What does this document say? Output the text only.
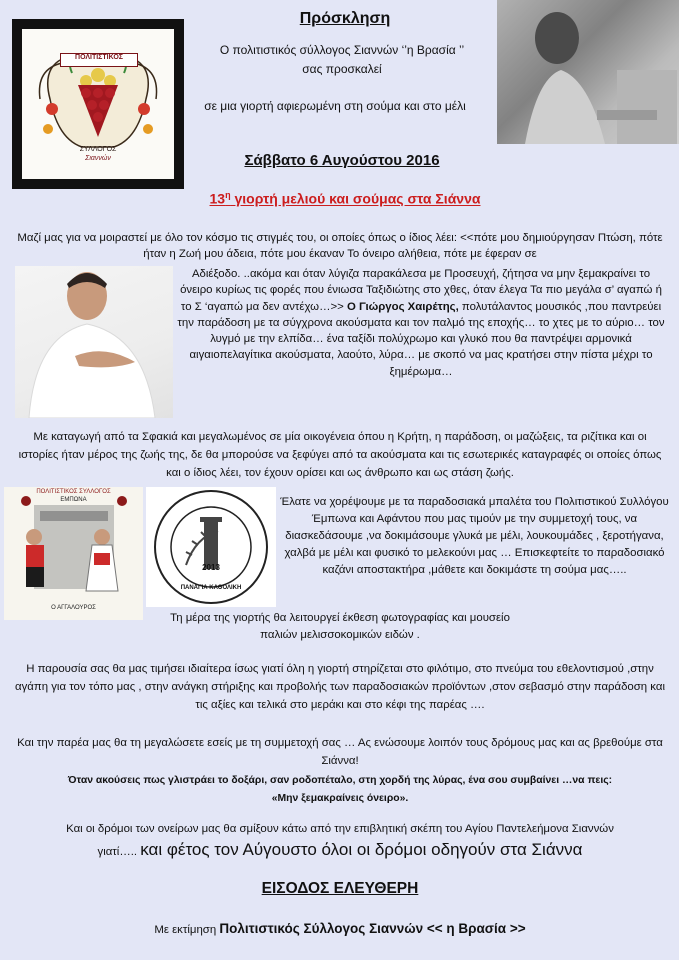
ΠΟΛΙΤΙΣΤΙΚΟΣ
ΣΥΛΛΟΓΟΣ
Σιαννών
Πρόσκληση
Ο πολιτιστικός σύλλογος Σιαννών ‘’η Βρασία ’’
σας προσκαλεί
σε μια γιορτή αφιερωμένη στη σούμα και στο μέλι
Σάββατο 6 Αυγούστου 2016
$13^\eta$ γιορτή μελιού και σούμας στα Σιάννα

Μαζί μας για να μοιραστεί με όλο τον κόσμο τις στιγμές του, οι οποίες όπως ο ίδιος λέει: <<πότε μου δημιούργησαν Πτώση, πότε ήταν η Ζωή μου άδεια, πότε μου έκαναν Το όνειρο αλήθεια, πότε με έφεραν σε

Αδιέξοδο. ..ακόμα και όταν λύγιζα παρακάλεσα με Προσευχή, ζήτησα να μην ξεμακραίνει το όνειρο κυρίως τις φορές που ένιωσα Ταξιδιώτης στο χθες, όταν έλεγα Τα πιο μεγάλα σ’ αγαπώ ή το Σ ‘αγαπώ μα δεν αντέχω…>> Ο Γιώργος Χαιρέτης, πολυτάλαντος μουσικός ,που παντρεύει την παράδοση με τα σύγχρονα ακούσματα και τον παλμό της εποχής… το χτες με το αύριο… τον λυγμό με την ελπίδα… ένα ταξίδι πολύχρωμο και γλυκό που θα παντρέψει αρμονικά αιγαιοπελαγίτικα ακούσματα, λαούτο, λύρα… με σκοπό να μας κρατήσει στην πίστα μέχρι το ξημέρωμα…

Με καταγωγή από τα Σφακιά και μεγαλωμένος σε μία οικογένεια όπου η Κρήτη, η παράδοση, οι μαζώξεις, τα ριζίτικα και οι ιστορίες ήταν μέρος της ζωής της, δε θα μπορούσε να ξεφύγει από τα ακούσματα και τις εσωτερικές καταγραφές οι οποίες όπως και ο ίδιος λέει, τον έχουν ορίσει και ως άνθρωπο και ως στάση ζωής.

ΠΟΛΙΤΙΣΤΙΚΟΣ ΣΥΛΛΟΓΟΣ
ΕΜΠΩΝΑ
Ο ΑΓΓΑΛΟΥΡΟΣ
2013
ΠΑΝΑΓΙΑ ΚΑΘΟΛΙΚΗ

Έλατε να χορέψουμε με τα παραδοσιακά μπαλέτα του Πολιτιστικού Συλλόγου Έμπωνα και Αφάντου που μας τιμούν με την συμμετοχή τους, να διασκεδάσουμε ,να δοκιμάσουμε γλυκά με μέλι, λουκουμάδες , ξεροτήγανα, χαλβά με μέλι και φυσικό το μελεκούνι μας … Επισκεφτείτε το παραδοσιακό καζάνι αποστακτήρα ,μάθετε και δοκιμάστε τη σούμα μας…..

Τη μέρα της γιορτής θα λειτουργεί έκθεση φωτογραφίας και μουσείο παλιών μελισσοκομικών ειδών .

Η παρουσία σας θα μας τιμήσει ιδιαίτερα ίσως γιατί όλη η γιορτή στηρίζεται στο φιλότιμο, στο πνεύμα του εθελοντισμού ,στην αγάπη για τον τόπο μας , στην ανάγκη στήριξης και προβολής των παραδοσιακών προϊόντων ,στον σεβασμό στην παράδοση και τις αξίες και τελικά στο μεράκι και στο κέφι της παρέας ….

Και την παρέα μας θα τη μεγαλώσετε εσείς με τη συμμετοχή σας … Ας ενώσουμε λοιπόν τους δρόμους μας και ας βρεθούμε στα Σιάννα!

Όταν ακούσεις πως γλιστράει το δοξάρι, σαν ροδοπέταλο, στη χορδή της λύρας, ένα σου συμβαίνει …να πεις:
«Μην ξεμακραίνεις όνειρο».

Και οι δρόμοι των ονείρων μας θα σμίξουν κάτω από την επιβλητική σκέπη του Αγίου Παντελεήμονα Σιαννών

γιατί….. και φέτος τον Αύγουστο όλοι οι δρόμοι οδηγούν στα Σιάννα

ΕΙΣΟΔΟΣ ΕΛΕΥΘΕΡΗ
Με εκτίμηση Πολιτιστικός Σύλλογος Σιαννών << η Βρασία >>
